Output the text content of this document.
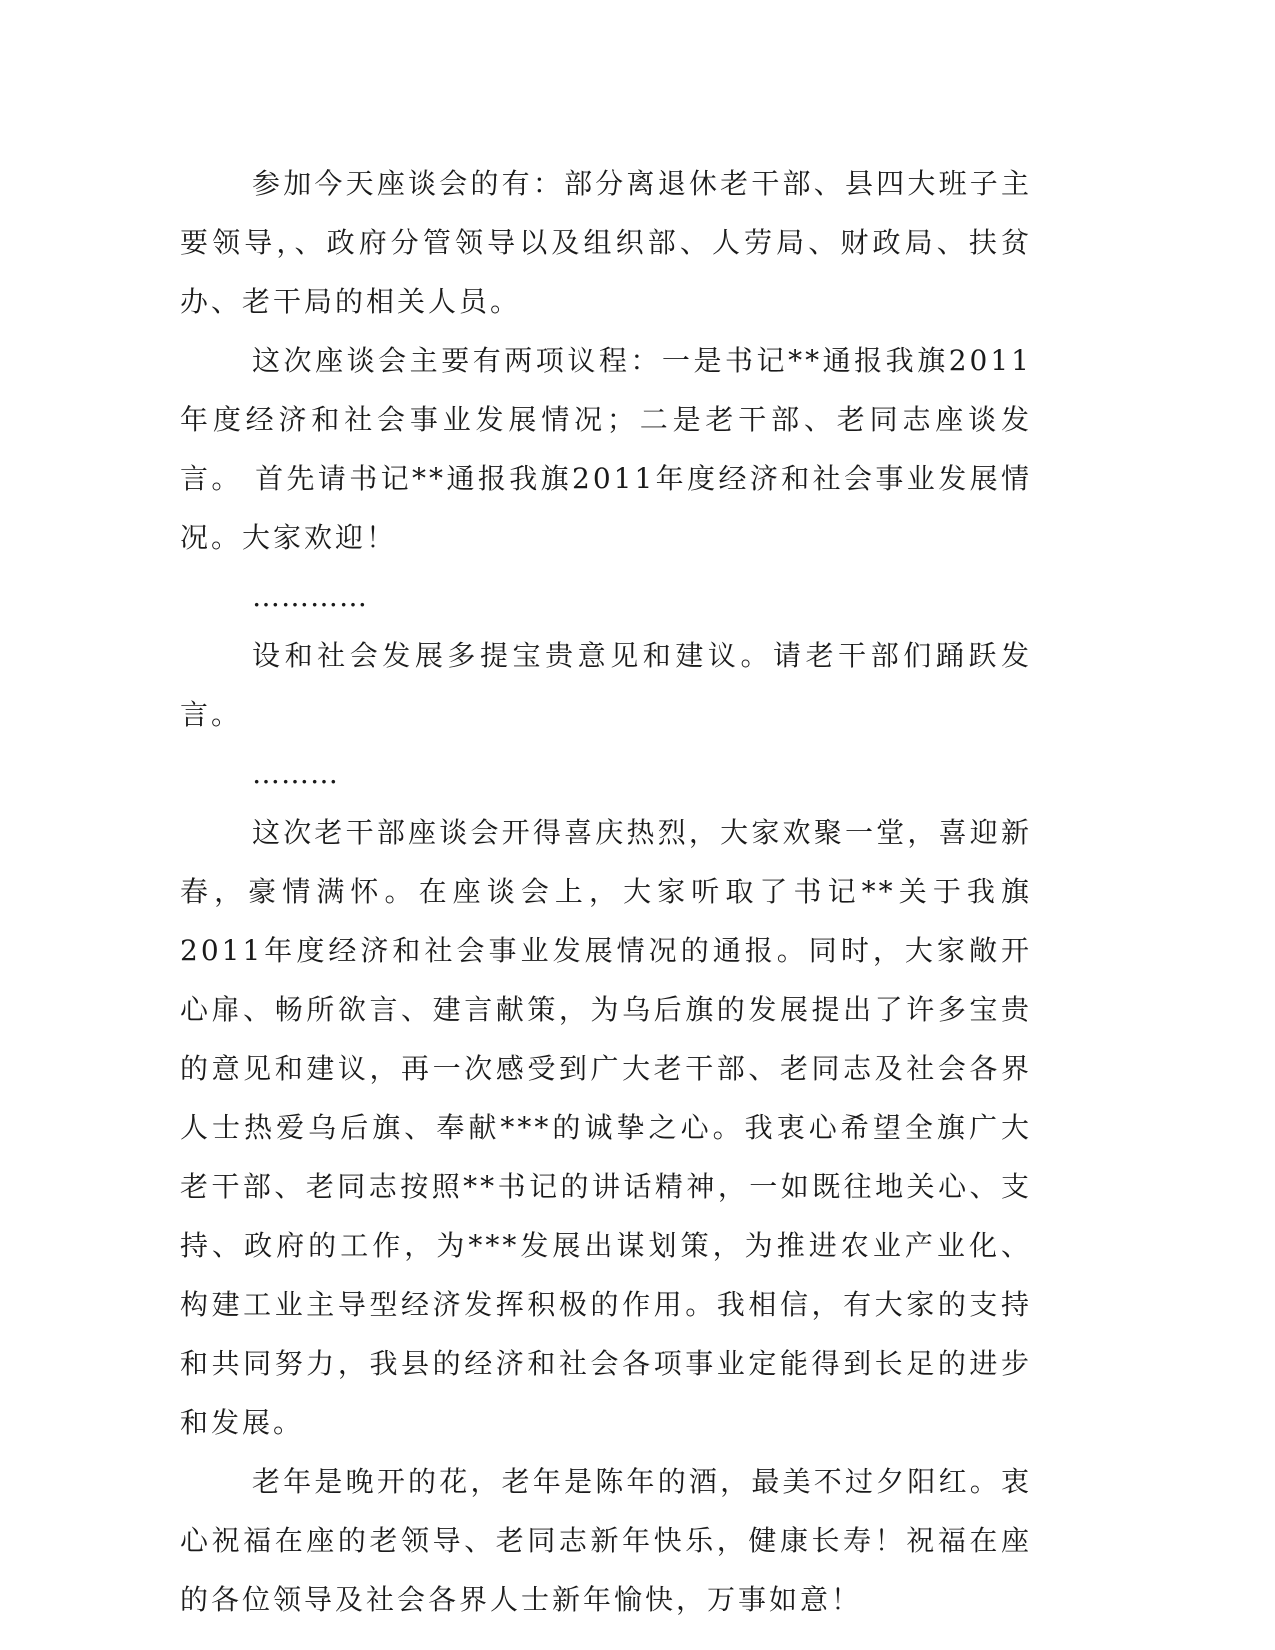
参加今天座谈会的有：部分离退休老干部、县四大班子主要领导，、政府分管领导以及组织部、人劳局、财政局、扶贫办、老干局的相关人员。

这次座谈会主要有两项议程：一是书记**通报我旗2011年度经济和社会事业发展情况；二是老干部、老同志座谈发言。 首先请书记**通报我旗2011年度经济和社会事业发展情况。大家欢迎！

…………

设和社会发展多提宝贵意见和建议。请老干部们踊跃发言。

………

这次老干部座谈会开得喜庆热烈，大家欢聚一堂，喜迎新春，豪情满怀。在座谈会上，大家听取了书记**关于我旗2011年度经济和社会事业发展情况的通报。同时，大家敞开心扉、畅所欲言、建言献策，为乌后旗的发展提出了许多宝贵的意见和建议，再一次感受到广大老干部、老同志及社会各界人士热爱乌后旗、奉献***的诚挚之心。我衷心希望全旗广大老干部、老同志按照**书记的讲话精神，一如既往地关心、支持、政府的工作，为***发展出谋划策，为推进农业产业化、构建工业主导型经济发挥积极的作用。我相信，有大家的支持和共同努力，我县的经济和社会各项事业定能得到长足的进步和发展。

老年是晚开的花，老年是陈年的酒，最美不过夕阳红。衷心祝福在座的老领导、老同志新年快乐，健康长寿！祝福在座的各位领导及社会各界人士新年愉快，万事如意！
